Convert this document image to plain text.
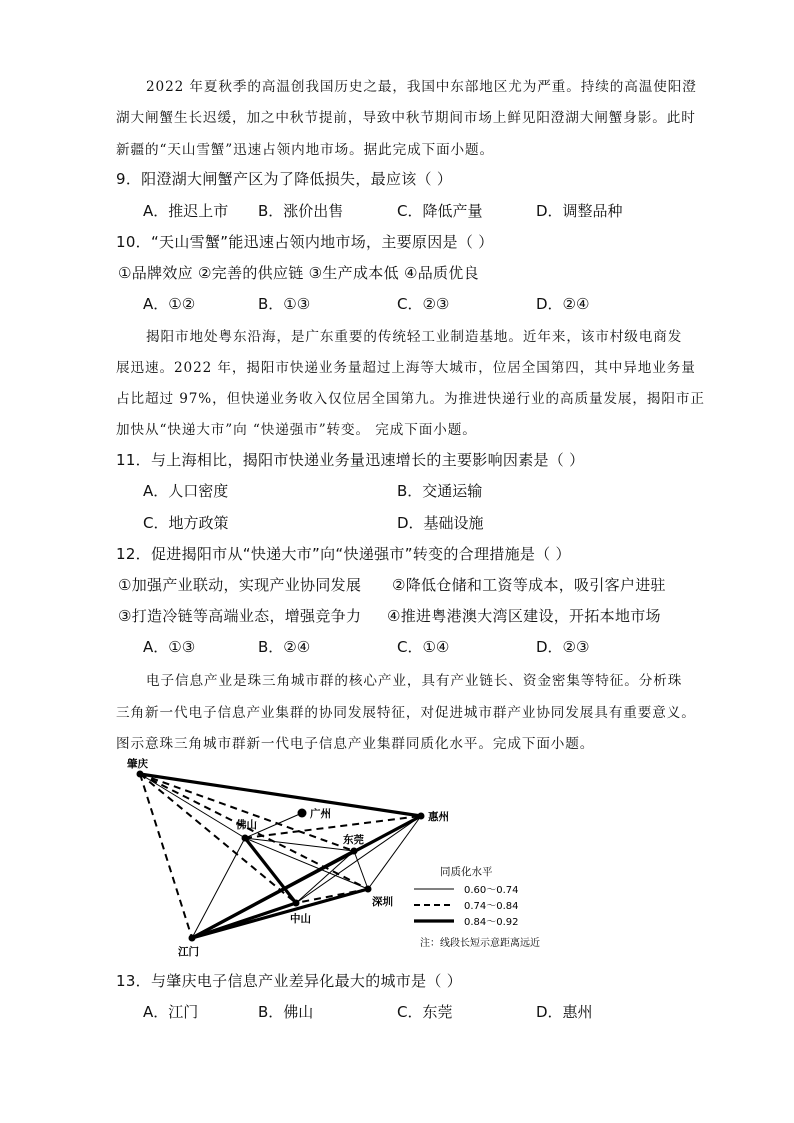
2022 年夏秋季的高温创我国历史之最，我国中东部地区尤为严重。持续的高温使阳澄
湖大闸蟹生长迟缓，加之中秋节提前，导致中秋节期间市场上鲜见阳澄湖大闸蟹身影。此时
新疆的“天山雪蟹”迅速占领内地市场。据此完成下面小题。
9．阳澄湖大闸蟹产区为了降低损失，最应该（ ）
A．推迟上市 B．涨价出售	C．降低产量	D．调整品种
10．“天山雪蟹”能迅速占领内地市场，主要原因是（ ）
①品牌效应 ②完善的供应链 ③生产成本低 ④品质优良
A．①②	B．①③	C．②③	D．②④
揭阳市地处粤东沿海，是广东重要的传统轻工业制造基地。近年来，该市村级电商发
展迅速。2022 年，揭阳市快递业务量超过上海等大城市，位居全国第四，其中异地业务量
占比超过 97%，但快递业务收入仅位居全国第九。为推进快递行业的高质量发展，揭阳市正
加快从“快递大市”向 “快递强市”转变。 完成下面小题。
11．与上海相比，揭阳市快递业务量迅速增长的主要影响因素是（ ）
A．人口密度	B．交通运输
C．地方政策	D．基础设施
12．促进揭阳市从“快递大市”向“快递强市”转变的合理措施是（ ）
①加强产业联动，实现产业协同发展 ②降低仓储和工资等成本，吸引客户进驻
③打造冷链等高端业态，增强竞争力 ④推进粤港澳大湾区建设，开拓本地市场
A．①③	B．②④	C．①④	D．②③
电子信息产业是珠三角城市群的核心产业，具有产业链长、资金密集等特征。分析珠
三角新一代电子信息产业集群的协同发展特征，对促进城市群产业协同发展具有重要意义。
图示意珠三角城市群新一代电子信息产业集群同质化水平。完成下面小题。
肇庆
广州
佛山
东莞
惠州
深圳
中山
江门
同质化水平
0.60～0.74
0.74～0.84
0.84～0.92
注：线段长短示意距离远近
13．与肇庆电子信息产业差异化最大的城市是（ ）
A．江门	B．佛山	C．东莞	D．惠州
